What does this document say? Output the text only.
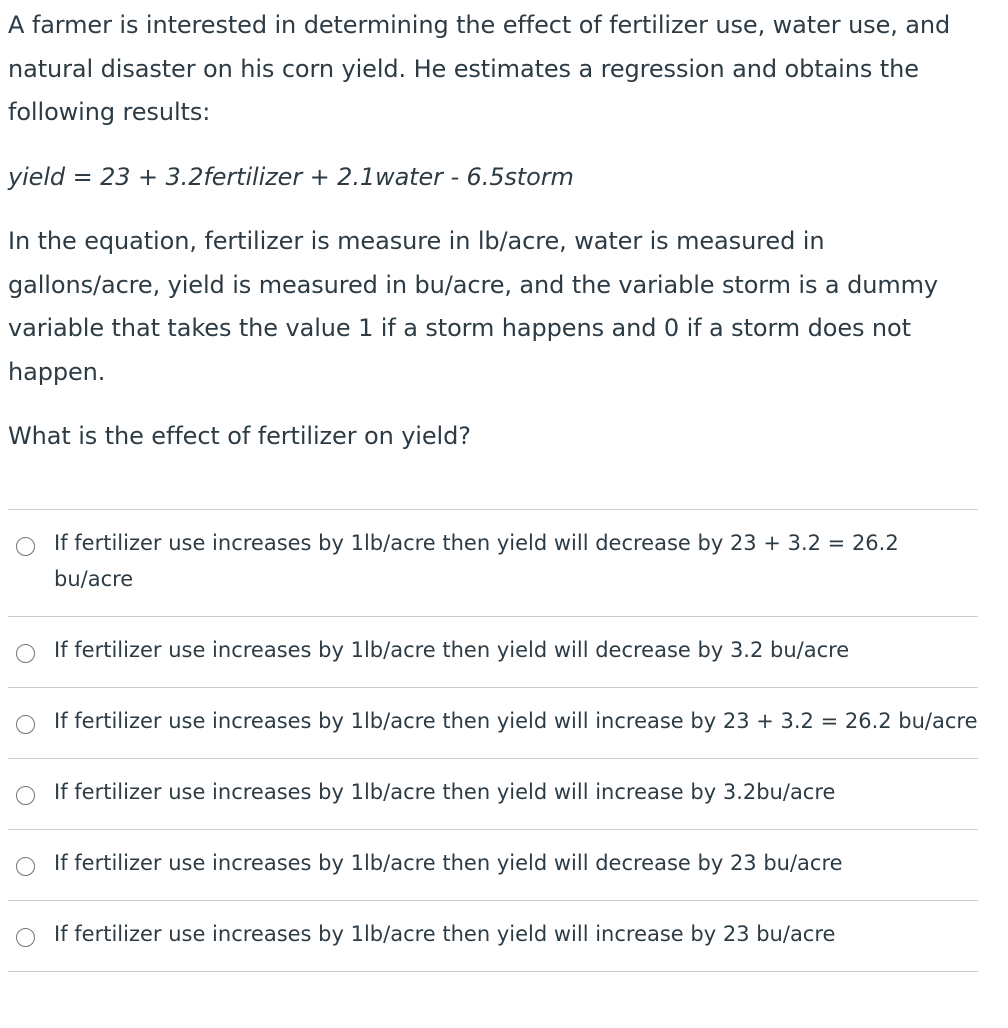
A farmer is interested in determining the effect of fertilizer use, water use, and natural disaster on his corn yield. He estimates a regression and obtains the following results:

yield = 23 + 3.2fertilizer + 2.1water - 6.5storm

In the equation, fertilizer is measure in lb/acre, water is measured in gallons/acre, yield is measured in bu/acre, and the variable storm is a dummy variable that takes the value 1 if a storm happens and 0 if a storm does not happen.

What is the effect of fertilizer on yield?

If fertilizer use increases by 1lb/acre then yield will decrease by 23 + 3.2 = 26.2 bu/acre
If fertilizer use increases by 1lb/acre then yield will decrease by 3.2 bu/acre
If fertilizer use increases by 1lb/acre then yield will increase by 23 + 3.2 = 26.2 bu/acre
If fertilizer use increases by 1lb/acre then yield will increase by 3.2bu/acre
If fertilizer use increases by 1lb/acre then yield will decrease by 23 bu/acre
If fertilizer use increases by 1lb/acre then yield will increase by 23 bu/acre
